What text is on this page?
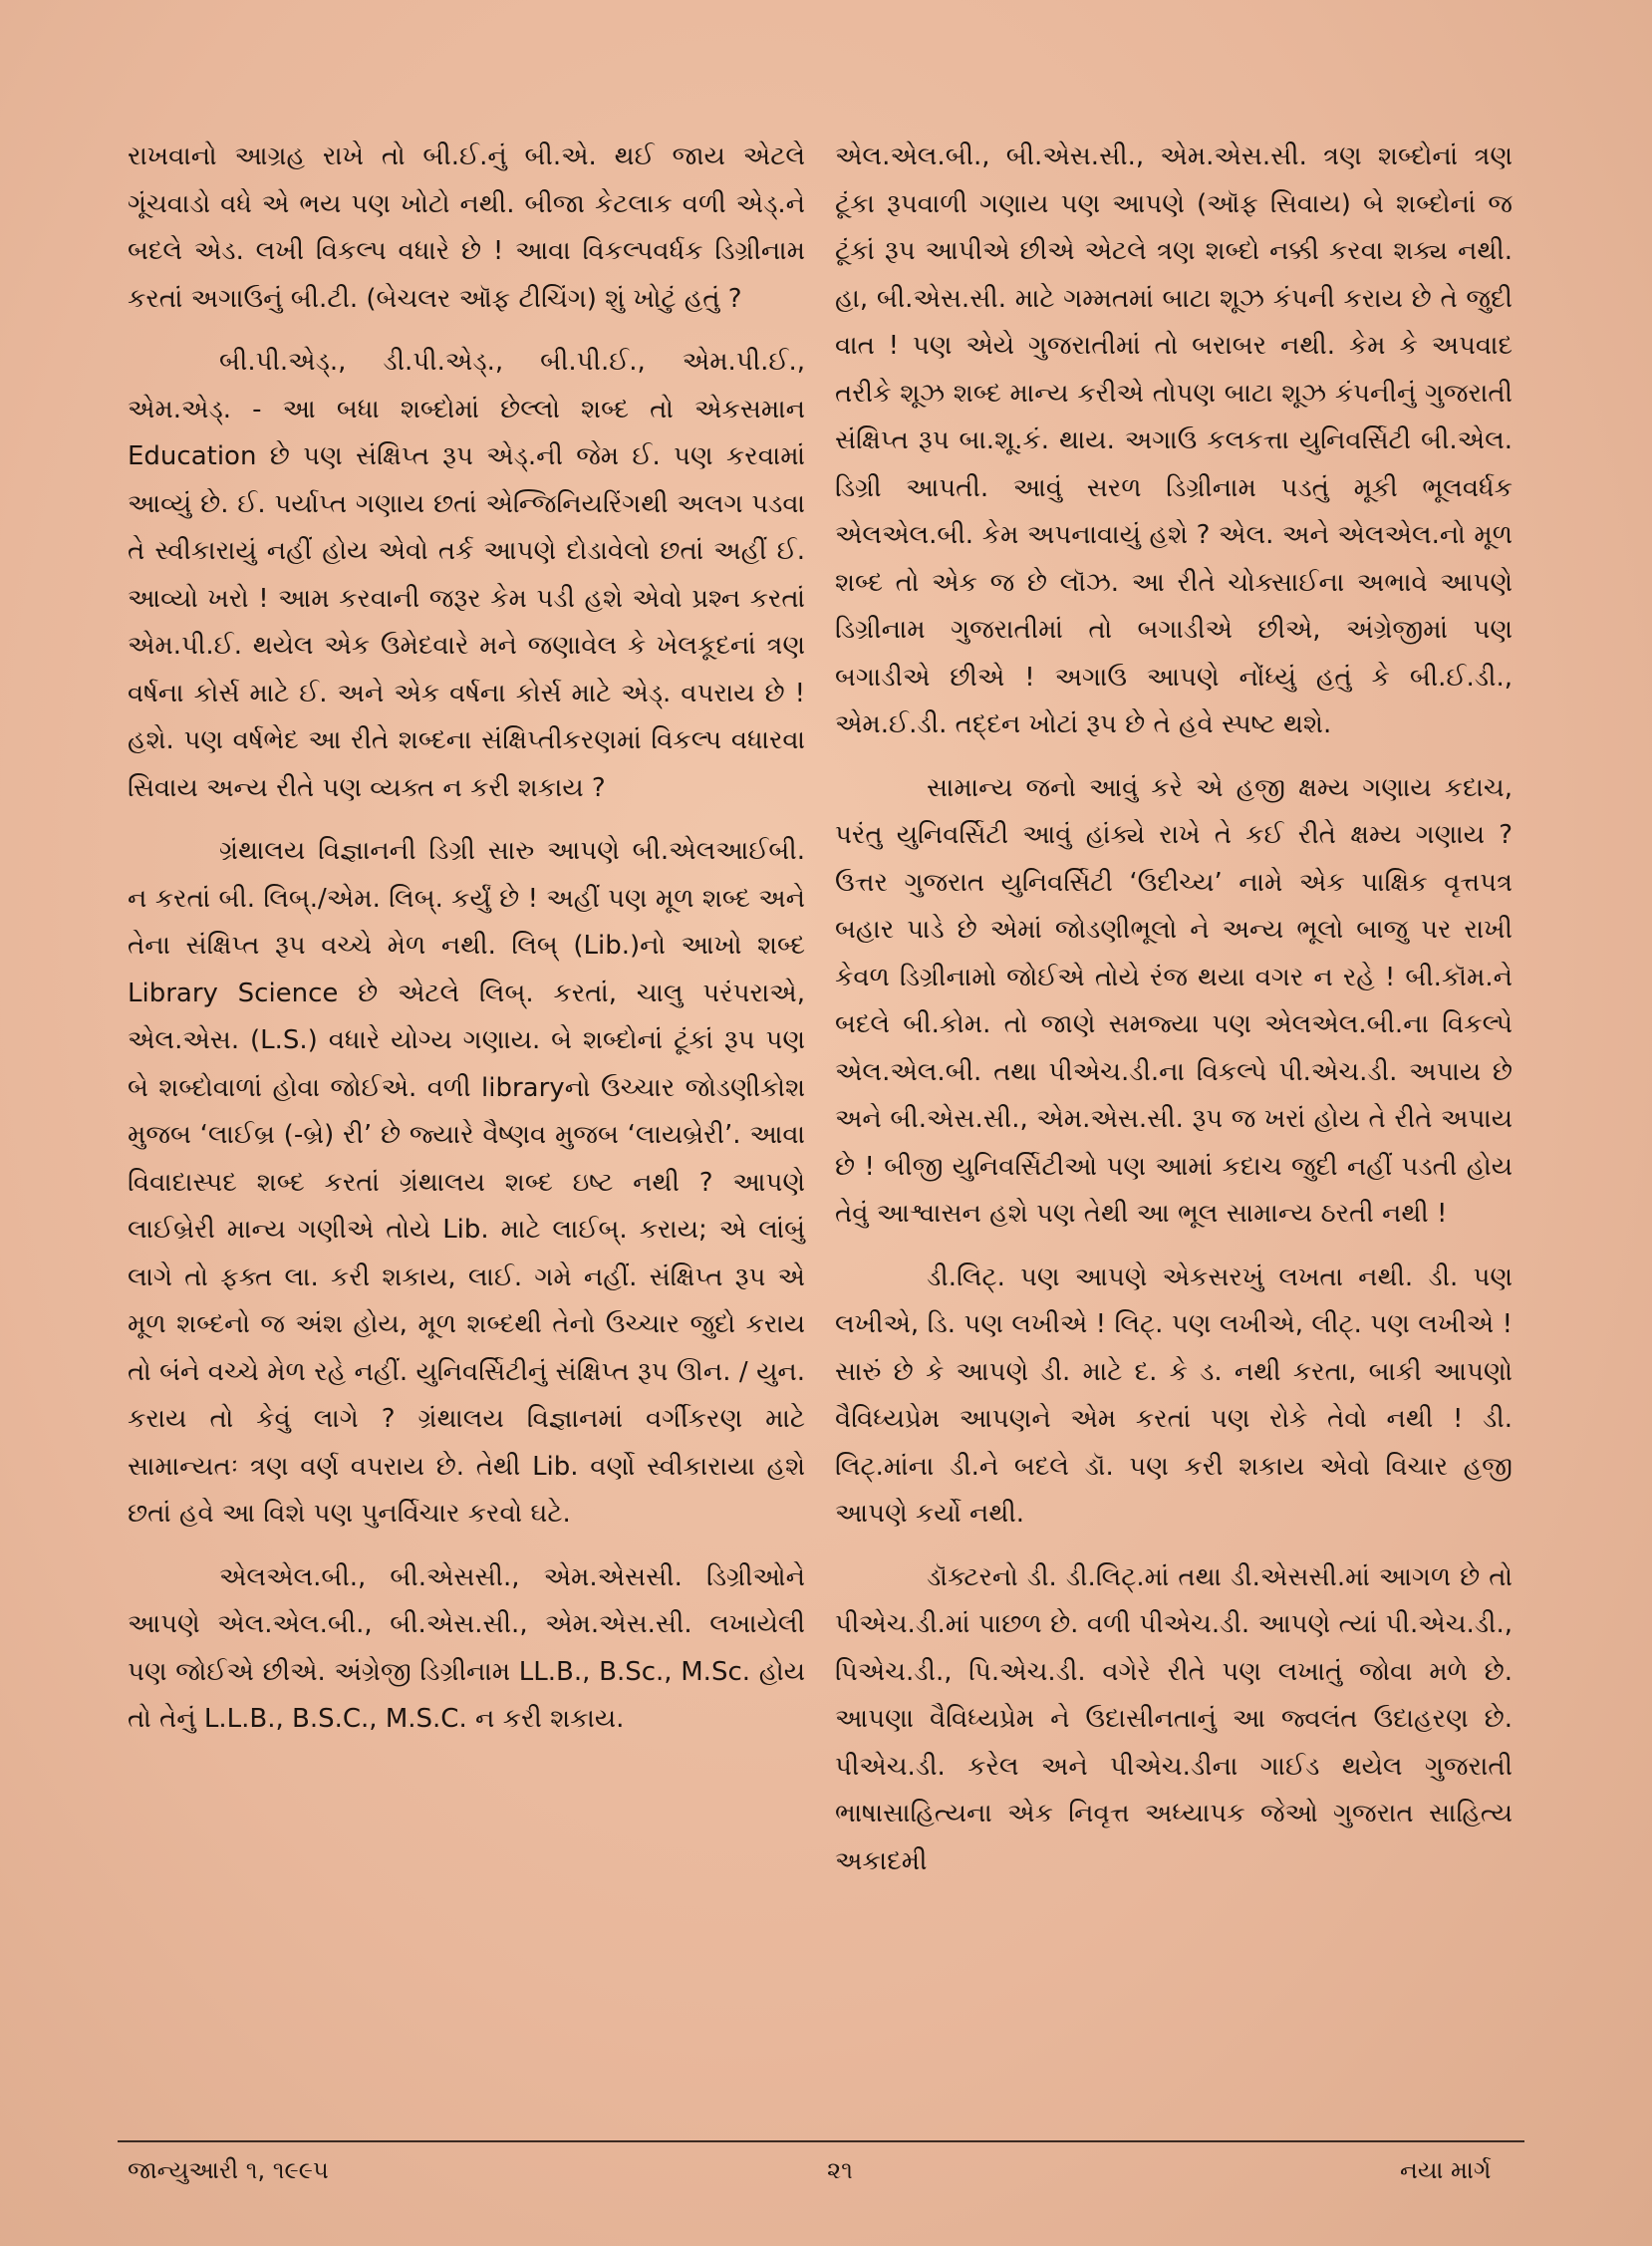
રાખવાનો આગ્રહ રાખે તો બી.ઈ.નું બી.એ. થઈ જાય એટલે ગૂંચવાડો વધે એ ભય પણ ખોટો નથી. બીજા કેટલાક વળી એડ્.ને બદલે એડ. લખી વિકલ્પ વધારે છે ! આવા વિકલ્પવર્ધક ડિગ્રીનામ કરતાં અગાઉનું બી.ટી. (બેચલર ઑફ ટીચિંગ) શું ખોટું હતું ?

બી.પી.એડ્., ડી.પી.એડ્., બી.પી.ઈ., એમ.પી.ઈ., એમ.એડ્. - આ બધા શબ્દોમાં છેલ્લો શબ્દ તો એકસમાન Education છે પણ સંક્ષિપ્ત રૂપ એડ્.ની જેમ ઈ. પણ કરવામાં આવ્યું છે. ઈ. પર્યાપ્ત ગણાય છતાં એન્જિનિયરિંગથી અલગ પડવા તે સ્વીકારાયું નહીં હોય એવો તર્ક આપણે દોડાવેલો છતાં અહીં ઈ. આવ્યો ખરો ! આમ કરવાની જરૂર કેમ પડી હશે એવો પ્રશ્ન કરતાં એમ.પી.ઈ. થયેલ એક ઉમેદવારે મને જણાવેલ કે ખેલકૂદનાં ત્રણ વર્ષના કોર્સ માટે ઈ. અને એક વર્ષના કોર્સ માટે એડ્. વપરાય છે ! હશે. પણ વર્ષભેદ આ રીતે શબ્દના સંક્ષિપ્તીકરણમાં વિકલ્પ વધારવા સિવાય અન્ય રીતે પણ વ્યક્ત ન કરી શકાય ?

ગ્રંથાલય વિજ્ઞાનની ડિગ્રી સારુ આપણે બી.એલઆઈબી. ન કરતાં બી. લિબ્./એમ. લિબ્. કર્યું છે ! અહીં પણ મૂળ શબ્દ અને તેના સંક્ષિપ્ત રૂપ વચ્ચે મેળ નથી. લિબ્ (Lib.)નો આખો શબ્દ Library Science છે એટલે લિબ્. કરતાં, ચાલુ પરંપરાએ, એલ.એસ. (L.S.) વધારે યોગ્ય ગણાય. બે શબ્દોનાં ટૂંકાં રૂપ પણ બે શબ્દોવાળાં હોવા જોઈએ. વળી libraryનો ઉચ્ચાર જોડણીકોશ મુજબ ‘લાઈબ્ર (-બ્રે) રી’ છે જ્યારે વૈષ્ણવ મુજબ ‘લાયબ્રેરી’. આવા વિવાદાસ્પદ શબ્દ કરતાં ગ્રંથાલય શબ્દ ઇષ્ટ નથી ? આપણે લાઈબ્રેરી માન્ય ગણીએ તોયે Lib. માટે લાઈબ્. કરાય; એ લાંબું લાગે તો ફક્ત લા. કરી શકાય, લાઈ. ગમે નહીં. સંક્ષિપ્ત રૂપ એ મૂળ શબ્દનો જ અંશ હોય, મૂળ શબ્દથી તેનો ઉચ્ચાર જુદો કરાય તો બંને વચ્ચે મેળ રહે નહીં. યુનિવર્સિટીનું સંક્ષિપ્ત રૂપ ઊન. / યુન. કરાય તો કેવું લાગે ? ગ્રંથાલય વિજ્ઞાનમાં વર્ગીકરણ માટે સામાન્યતઃ ત્રણ વર્ણ વપરાય છે. તેથી Lib. વર્ણો સ્વીકારાયા હશે છતાં હવે આ વિશે પણ પુનર્વિચાર કરવો ઘટે.

એલએલ.બી., બી.એસસી., એમ.એસસી. ડિગ્રીઓને આપણે એલ.એલ.બી., બી.એસ.સી., એમ.એસ.સી. લખાયેલી પણ જોઈએ છીએ. અંગ્રેજી ડિગ્રીનામ LL.B., B.Sc., M.Sc. હોય તો તેનું L.L.B., B.S.C., M.S.C. ન કરી શકાય.

એલ.એલ.બી., બી.એસ.સી., એમ.એસ.સી. ત્રણ શબ્દોનાં ત્રણ ટૂંકા રૂપવાળી ગણાય પણ આપણે (ઑફ સિવાય) બે શબ્દોનાં જ ટૂંકાં રૂપ આપીએ છીએ એટલે ત્રણ શબ્દો નક્કી કરવા શક્ય નથી. હા, બી.એસ.સી. માટે ગમ્મતમાં બાટા શૂઝ કંપની કરાય છે તે જુદી વાત ! પણ એયે ગુજરાતીમાં તો બરાબર નથી. કેમ કે અપવાદ તરીકે શૂઝ શબ્દ માન્ય કરીએ તોપણ બાટા શૂઝ કંપનીનું ગુજરાતી સંક્ષિપ્ત રૂપ બા.શૂ.કં. થાય. અગાઉ કલકત્તા યુનિવર્સિટી બી.એલ. ડિગ્રી આપતી. આવું સરળ ડિગ્રીનામ પડતું મૂકી ભૂલવર્ધક એલએલ.બી. કેમ અપનાવાયું હશે ? એલ. અને એલએલ.નો મૂળ શબ્દ તો એક જ છે લૉઝ. આ રીતે ચોક્સાઈના અભાવે આપણે ડિગ્રીનામ ગુજરાતીમાં તો બગાડીએ છીએ, અંગ્રેજીમાં પણ બગાડીએ છીએ ! અગાઉ આપણે નોંધ્યું હતું કે બી.ઈ.ડી., એમ.ઈ.ડી. તદ્દન ખોટાં રૂપ છે તે હવે સ્પષ્ટ થશે.

સામાન્ય જનો આવું કરે એ હજી ક્ષમ્ય ગણાય કદાચ, પરંતુ યુનિવર્સિટી આવું હાંક્યે રાખે તે કઈ રીતે ક્ષમ્ય ગણાય ? ઉત્તર ગુજરાત યુનિવર્સિટી ‘ઉદીચ્ય’ નામે એક પાક્ષિક વૃત્તપત્ર બહાર પાડે છે એમાં જોડણીભૂલો ને અન્ય ભૂલો બાજુ પર રાખી કેવળ ડિગ્રીનામો જોઈએ તોયે રંજ થયા વગર ન રહે ! બી.કૉમ.ને બદલે બી.કોમ. તો જાણે સમજ્યા પણ એલએલ.બી.ના વિકલ્પે એલ.એલ.બી. તથા પીએચ.ડી.ના વિકલ્પે પી.એચ.ડી. અપાય છે અને બી.એસ.સી., એમ.એસ.સી. રૂપ જ ખરાં હોય તે રીતે અપાય છે ! બીજી યુનિવર્સિટીઓ પણ આમાં કદાચ જુદી નહીં પડતી હોય તેવું આશ્વાસન હશે પણ તેથી આ ભૂલ સામાન્ય ઠરતી નથી !

ડી.લિટ્. પણ આપણે એકસરખું લખતા નથી. ડી. પણ લખીએ, ડિ. પણ લખીએ ! લિટ્. પણ લખીએ, લીટ્. પણ લખીએ ! સારું છે કે આપણે ડી. માટે દ. કે ડ. નથી કરતા, બાકી આપણો વૈવિધ્યપ્રેમ આપણને એમ કરતાં પણ રોકે તેવો નથી ! ડી. લિટ્.માંના ડી.ને બદલે ડૉ. પણ કરી શકાય એવો વિચાર હજી આપણે કર્યો નથી.

ડૉક્ટરનો ડી. ડી.લિટ્.માં તથા ડી.એસસી.માં આગળ છે તો પીએચ.ડી.માં પાછળ છે. વળી પીએચ.ડી. આપણે ત્યાં પી.એચ.ડી., પિએચ.ડી., પિ.એચ.ડી. વગેરે રીતે પણ લખાતું જોવા મળે છે. આપણા વૈવિધ્યપ્રેમ ને ઉદાસીનતાનું આ જ્વલંત ઉદાહરણ છે. પીએચ.ડી. કરેલ અને પીએચ.ડીના ગાઈડ થયેલ ગુજરાતી ભાષાસાહિત્યના એક નિવૃત્ત અધ્યાપક જેઓ ગુજરાત સાહિત્ય અકાદમી

જાન્યુઆરી ૧, ૧૯૯૫	૨૧	નયા માર્ગ
